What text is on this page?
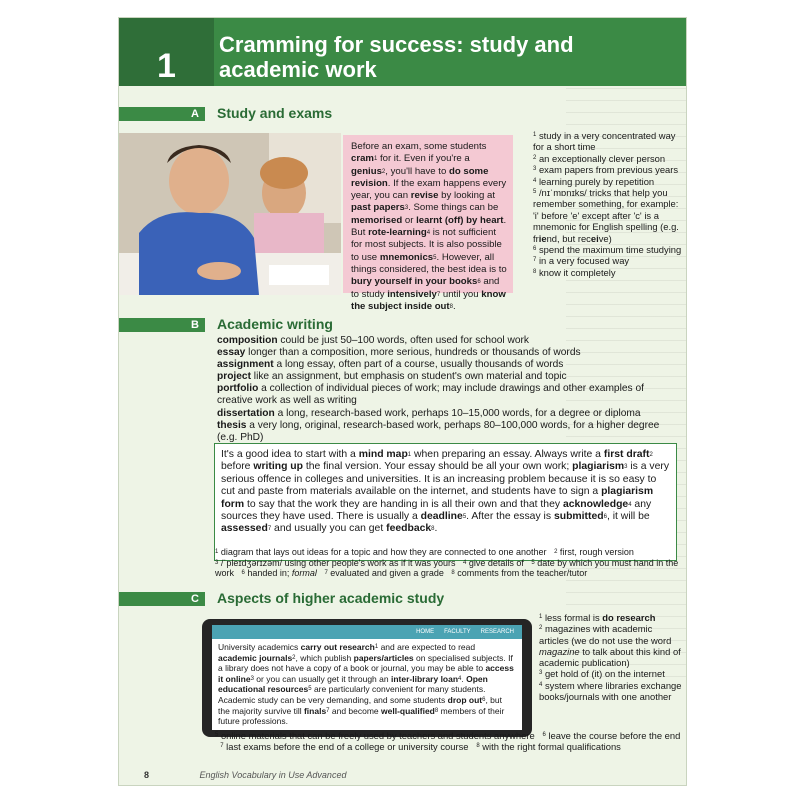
1
Cramming for success: study and academic work
A	Study and exams
Before an exam, some students cram$^1$ for it. Even if you're a genius$^2$, you'll have to do some revision. If the exam happens every year, you can revise by looking at past papers$^3$. Some things can be memorised or learnt (off) by heart. But rote-learning$^4$ is not sufficient for most subjects. It is also possible to use mnemonics$^5$. However, all things considered, the best idea is to bury yourself in your books$^6$ and to study intensively$^7$ until you know the subject inside out$^8$.
$^1$ study in a very concentrated way for a short time
$^2$ an exceptionally clever person
$^3$ exam papers from previous years
$^4$ learning purely by repetition
$^5$ /nɪˈmɒnɪks/ tricks that help you remember something, for example: 'i' before 'e' except after 'c' is a mnemonic for English spelling (e.g. friend, but receive)
$^6$ spend the maximum time studying
$^7$ in a very focused way
$^8$ know it completely
B	Academic writing
composition could be just 50–100 words, often used for school work
essay longer than a composition, more serious, hundreds or thousands of words
assignment a long essay, often part of a course, usually thousands of words
project like an assignment, but emphasis on student's own material and topic
portfolio a collection of individual pieces of work; may include drawings and other examples of creative work as well as writing
dissertation a long, research-based work, perhaps 10–15,000 words, for a degree or diploma
thesis a very long, original, research-based work, perhaps 80–100,000 words, for a higher degree (e.g. PhD)
It's a good idea to start with a mind map$^1$ when preparing an essay. Always write a first draft$^2$ before writing up the final version. Your essay should be all your own work; plagiarism$^3$ is a very serious offence in colleges and universities. It is an increasing problem because it is so easy to cut and paste from materials available on the internet, and students have to sign a plagiarism form to say that the work they are handing in is all their own and that they acknowledge$^4$ any sources they have used. There is usually a deadline$^5$. After the essay is submitted$^6$, it will be assessed$^7$ and usually you can get feedback$^8$.
$^1$ diagram that lays out ideas for a topic and how they are connected to one another   $^2$ first, rough version
$^3$ /ˈpleɪdʒərɪzəm/ using other people's work as if it was yours   $^4$ give details of   $^5$ date by which you must hand in the work   $^6$ handed in; formal $^7$ evaluated and given a grade   $^8$ comments from the teacher/tutor
C	Aspects of higher academic study
HOME FACULTY RESEARCH
University academics carry out research$^1$ and are expected to read academic journals$^2$, which publish papers/articles on specialised subjects. If a library does not have a copy of a book or journal, you may be able to access it online$^3$ or you can usually get it through an inter-library loan$^4$. Open educational resources$^5$ are particularly convenient for many students. Academic study can be very demanding, and some students drop out$^6$, but the majority survive till finals$^7$ and become well-qualified$^8$ members of their future professions.
$^1$ less formal is do research
$^2$ magazines with academic articles (we do not use the word magazine to talk about this kind of academic publication)
$^3$ get hold of (it) on the internet
$^4$ system where libraries exchange books/journals with one another
$^5$ online materials that can be freely used by teachers and students anywhere   $^6$ leave the course before the end   $^7$ last exams before the end of a college or university course   $^8$ with the right formal qualifications
8	English Vocabulary in Use Advanced
